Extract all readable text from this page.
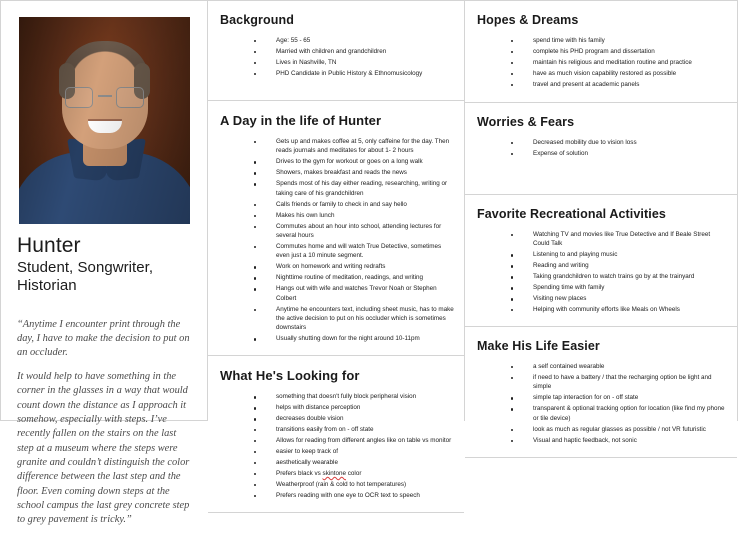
Hunter
Student, Songwriter, Historian

“Anytime I encounter print through the day, I have to make the decision to put on an occluder.

It would help to have something in the corner in the glasses in a way that would count down the distance as I approach it somehow, especially with steps. I’ve recently fallen on the stairs on the last step at a museum where the steps were granite and couldn’t distinguish the color difference between the last step and the floor. Even coming down steps at the school campus the last grey concrete step to grey pavement is tricky.”

Background
Age: 55 - 65
Married with children and grandchildren
Lives in Nashville, TN
PHD Candidate in Public History & Ethnomusicology
A Day in the life of Hunter
Gets up and makes coffee at 5, only caffeine for the day. Then reads journals and meditates for about 1- 2 hours
Drives to the gym for workout or goes on a long walk
Showers, makes breakfast and reads the news
Spends most of his day either reading, researching, writing or taking care of his grandchildren
Calls friends or family to check in and say hello
Makes his own lunch
Commutes about an hour into school, attending lectures for several hours
Commutes home and will watch True Detective, sometimes even just a 10 minute segment.
Work on homework and writing redrafts
Nighttime routine of meditation, readings, and writing
Hangs out with wife and watches Trevor Noah or Stephen Colbert
Anytime he encounters text, including sheet music, has to make the active decision to put on his occluder which is sometimes downstairs
Usually shutting down for the night around 10-11pm
What He's Looking for
something that doesn't fully block peripheral vision
helps with distance perception
decreases double vision
transitions easily from on - off state
Allows for reading from different angles like on table vs monitor
easier to keep track of
aesthetically wearable
Prefers black vs skintone color
Weatherproof (rain & cold to hot temperatures)
Prefers reading with one eye to OCR text to speech
Hopes & Dreams
spend time with his family
complete his PHD program and dissertation
maintain his religious and meditation routine and practice
have as much vision capability restored as possible
travel and present at academic panels
Worries & Fears
Decreased mobility due to vision loss
Expense of solution
Favorite Recreational Activities
Watching TV and movies like True Detective and If Beale Street Could Talk
Listening to and playing music
Reading and writing
Taking grandchildren to watch trains go by at the trainyard
Spending time with family
Visiting new places
Helping with community efforts like Meals on Wheels
Make His Life Easier
a self contained wearable
if need to have a battery / that the recharging option be light and simple
simple tap interaction for on - off state
transparent & optional tracking option for location (like find my phone or tile device)
look as much as regular glasses as possible / not VR futuristic
Visual and haptic feedback, not sonic
